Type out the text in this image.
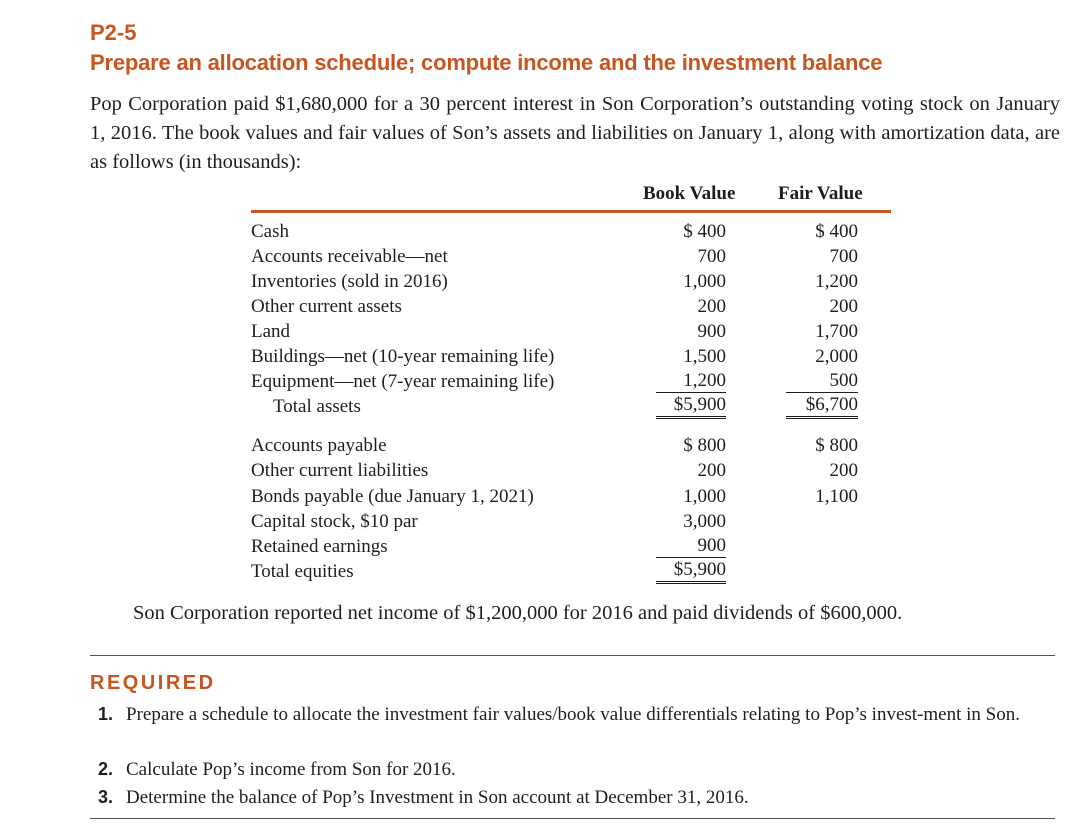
P2-5
Prepare an allocation schedule; compute income and the investment balance

Pop Corporation paid $1,680,000 for a 30 percent interest in Son Corporation’s outstanding voting stock on January 1, 2016. The book values and fair values of Son’s assets and liabilities on January 1, along with amortization data, are as follows (in thousands):

Book Value Fair Value
Cash	$ 400	$ 400
Accounts receivable—net	700	700
Inventories (sold in 2016)	1,000	1,200
Other current assets	200	200
Land	900	1,700
Buildings—net (10-year remaining life)	1,500	2,000
Equipment—net (7-year remaining life)	1,200	500
Total assets	$5,900	$6,700
Accounts payable	$ 800	$ 800
Other current liabilities	200	200
Bonds payable (due January 1, 2021)	1,000	1,100
Capital stock, $10 par	3,000
Retained earnings	900
Total equities	$5,900

Son Corporation reported net income of $1,200,000 for 2016 and paid dividends of $600,000.

REQUIRED
1. Prepare a schedule to allocate the investment fair values/book value differentials relating to Pop’s invest-ment in Son.
2. Calculate Pop’s income from Son for 2016.
3. Determine the balance of Pop’s Investment in Son account at December 31, 2016.
